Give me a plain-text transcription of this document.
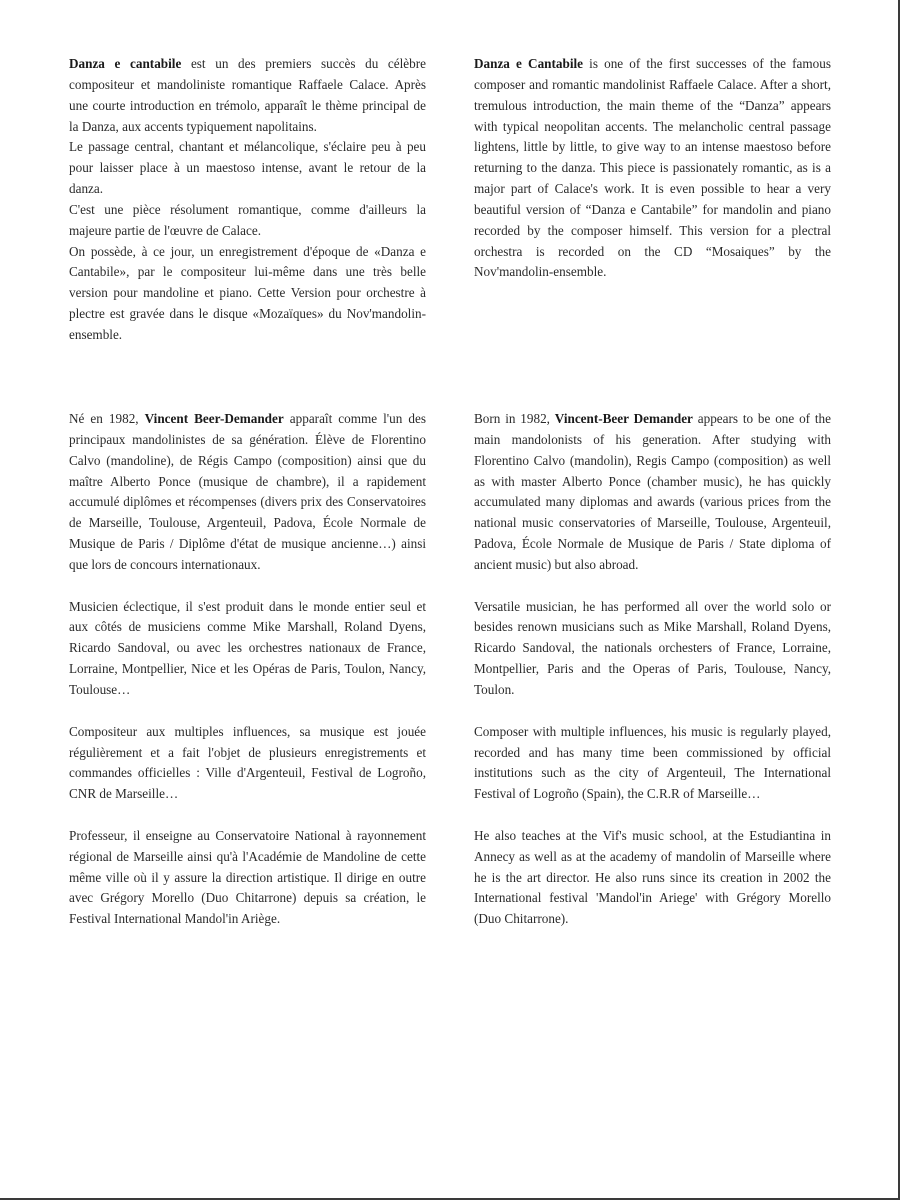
Danza e cantabile est un des premiers succès du célèbre compositeur et mandoliniste romantique Raffaele Calace. Après une courte introduction en trémolo, apparaît le thème principal de la Danza, aux accents typiquement napolitains.

Le passage central, chantant et mélancolique, s'éclaire peu à peu pour laisser place à un maestoso intense, avant le retour de la danza.

C'est une pièce résolument romantique, comme d'ailleurs la majeure partie de l'œuvre de Calace.

On possède, à ce jour, un enregistrement d'époque de «Danza e Cantabile», par le compositeur lui-même dans une très belle version pour mandoline et piano. Cette Version pour orchestre à plectre est gravée dans le disque «Mozaïques» du Nov'mandolin-ensemble.

Danza e Cantabile is one of the first successes of the famous composer and romantic mandolinist Raffaele Calace. After a short, tremulous introduction, the main theme of the “Danza” appears with typical neopolitan accents. The melancholic central passage lightens, little by little, to give way to an intense maestoso before returning to the danza. This piece is passionately romantic, as is a major part of Calace's work. It is even possible to hear a very beautiful version of “Danza e Cantabile” for mandolin and piano recorded by the composer himself. This version for a plectral orchestra is recorded on the CD “Mosaiques” by the Nov'mandolin-ensemble.

Né en 1982, Vincent Beer-Demander apparaît comme l'un des principaux mandolinistes de sa génération. Élève de Florentino Calvo (mandoline), de Régis Campo (composition) ainsi que du maître Alberto Ponce (musique de chambre), il a rapidement accumulé diplômes et récompenses (divers prix des Conservatoires de Marseille, Toulouse, Argenteuil, Padova, École Normale de Musique de Paris / Diplôme d'état de musique ancienne…) ainsi que lors de concours internationaux.

Musicien éclectique, il s'est produit dans le monde entier seul et aux côtés de musiciens comme Mike Marshall, Roland Dyens, Ricardo Sandoval, ou avec les orchestres nationaux de France, Lorraine, Montpellier, Nice et les Opéras de Paris, Toulon, Nancy, Toulouse…

Compositeur aux multiples influences, sa musique est jouée régulièrement et a fait l'objet de plusieurs enregistrements et commandes officielles : Ville d'Argenteuil, Festival de Logroño, CNR de Marseille…

Professeur, il enseigne au Conservatoire National à rayonnement régional de Marseille ainsi qu'à l'Académie de Mandoline de cette même ville où il y assure la direction artistique. Il dirige en outre avec Grégory Morello (Duo Chitarrone) depuis sa création, le Festival International Mandol'in Ariège.

Born in 1982, Vincent-Beer Demander appears to be one of the main mandolonists of his generation. After studying with Florentino Calvo (mandolin), Regis Campo (composition) as well as with master Alberto Ponce (chamber music), he has quickly accumulated many diplomas and awards (various prices from the national music conservatories of Marseille, Toulouse, Argenteuil, Padova, École Normale de Musique de Paris / State diploma of ancient music) but also abroad.

Versatile musician, he has performed all over the world solo or besides renown musicians such as Mike Marshall, Roland Dyens, Ricardo Sandoval, the nationals orchesters of France, Lorraine, Montpellier, Paris and the Operas of Paris, Toulouse, Nancy, Toulon.

Composer with multiple influences, his music is regularly played, recorded and has many time been commissioned by official institutions such as the city of Argenteuil, The International Festival of Logroño (Spain), the C.R.R of Marseille…

He also teaches at the Vif's music school, at the Estudiantina in Annecy as well as at the academy of mandolin of Marseille where he is the art director. He also runs since its creation in 2002 the International festival 'Mandol'in Ariege' with Grégory Morello (Duo Chitarrone).
